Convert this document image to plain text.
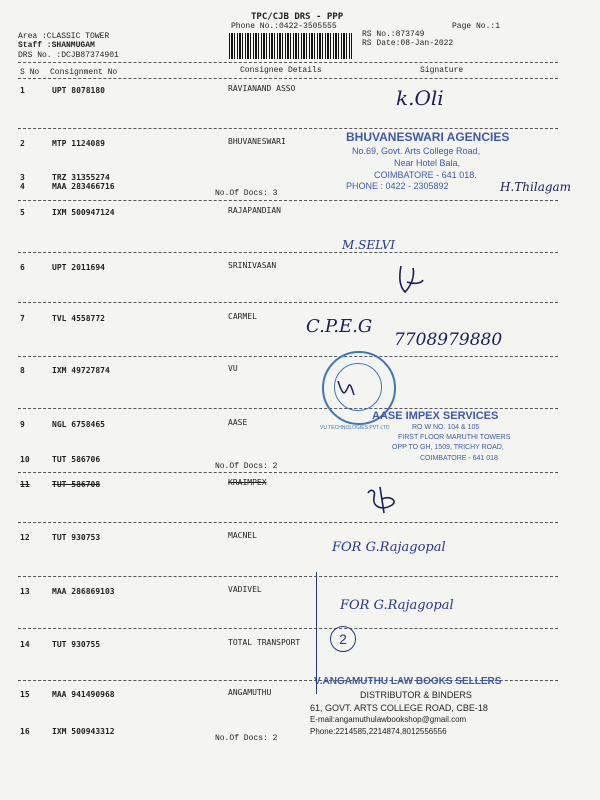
TPC/CJB DRS - PPP
Phone No.:0422-3505555	Page No.:1
Area :CLASSIC TOWER
Staff :SHANMUGAM
DRS No. :DCJB87374901
RS No.:873749
RS Date:08-Jan-2022
S No Consignment No	Consignee Details	Signature
1	UPT 8078180	RAVIANAND ASSO
2	MTP 1124089	BHUVANESWARI
3	TRZ 31355274
4	MAA 283466716
No.Of Docs: 3
5	IXM 500947124	RAJAPANDIAN
6	UPT 2011694	SRINIVASAN
7	TVL 4558772	CARMEL
8	IXM 49727874	VU
9	NGL 6758465	AASE
10	TUT 586706
No.Of Docs: 2
11	TUT 586708	KRAIMPEX
12	TUT 930753	MACNEL
13	MAA 286869103	VADIVEL
14	TUT 930755	TOTAL TRANSPORT
15	MAA 941490968	ANGAMUTHU
16	IXM 500943312
No.Of Docs: 2
BHUVANESWARI AGENCIES
No.69, Govt. Arts College Road,
Near Hotel Bala,
COIMBATORE - 641 018.
PHONE : 0422 - 2305892
VU TECHNOLOGIES PVT LTD
AASE IMPEX SERVICES
RO W NO. 104 & 105
FIRST FLOOR MARUTHI TOWERS
OPP TO GH, 1509, TRICHY ROAD,
COIMBATORE - 641 018
V.ANGAMUTHU LAW BOOKS SELLERS
DISTRIBUTOR & BINDERS
61, GOVT. ARTS COLLEGE ROAD, CBE-18
E-mail:angamuthulawbookshop@gmail.com
Phone:2214585,2214874,8012556556
k.Oli
H.Thilagam
M.SELVI
C.P.E.G
7708979880
FOR G.Rajagopal
FOR G.Rajagopal
2
